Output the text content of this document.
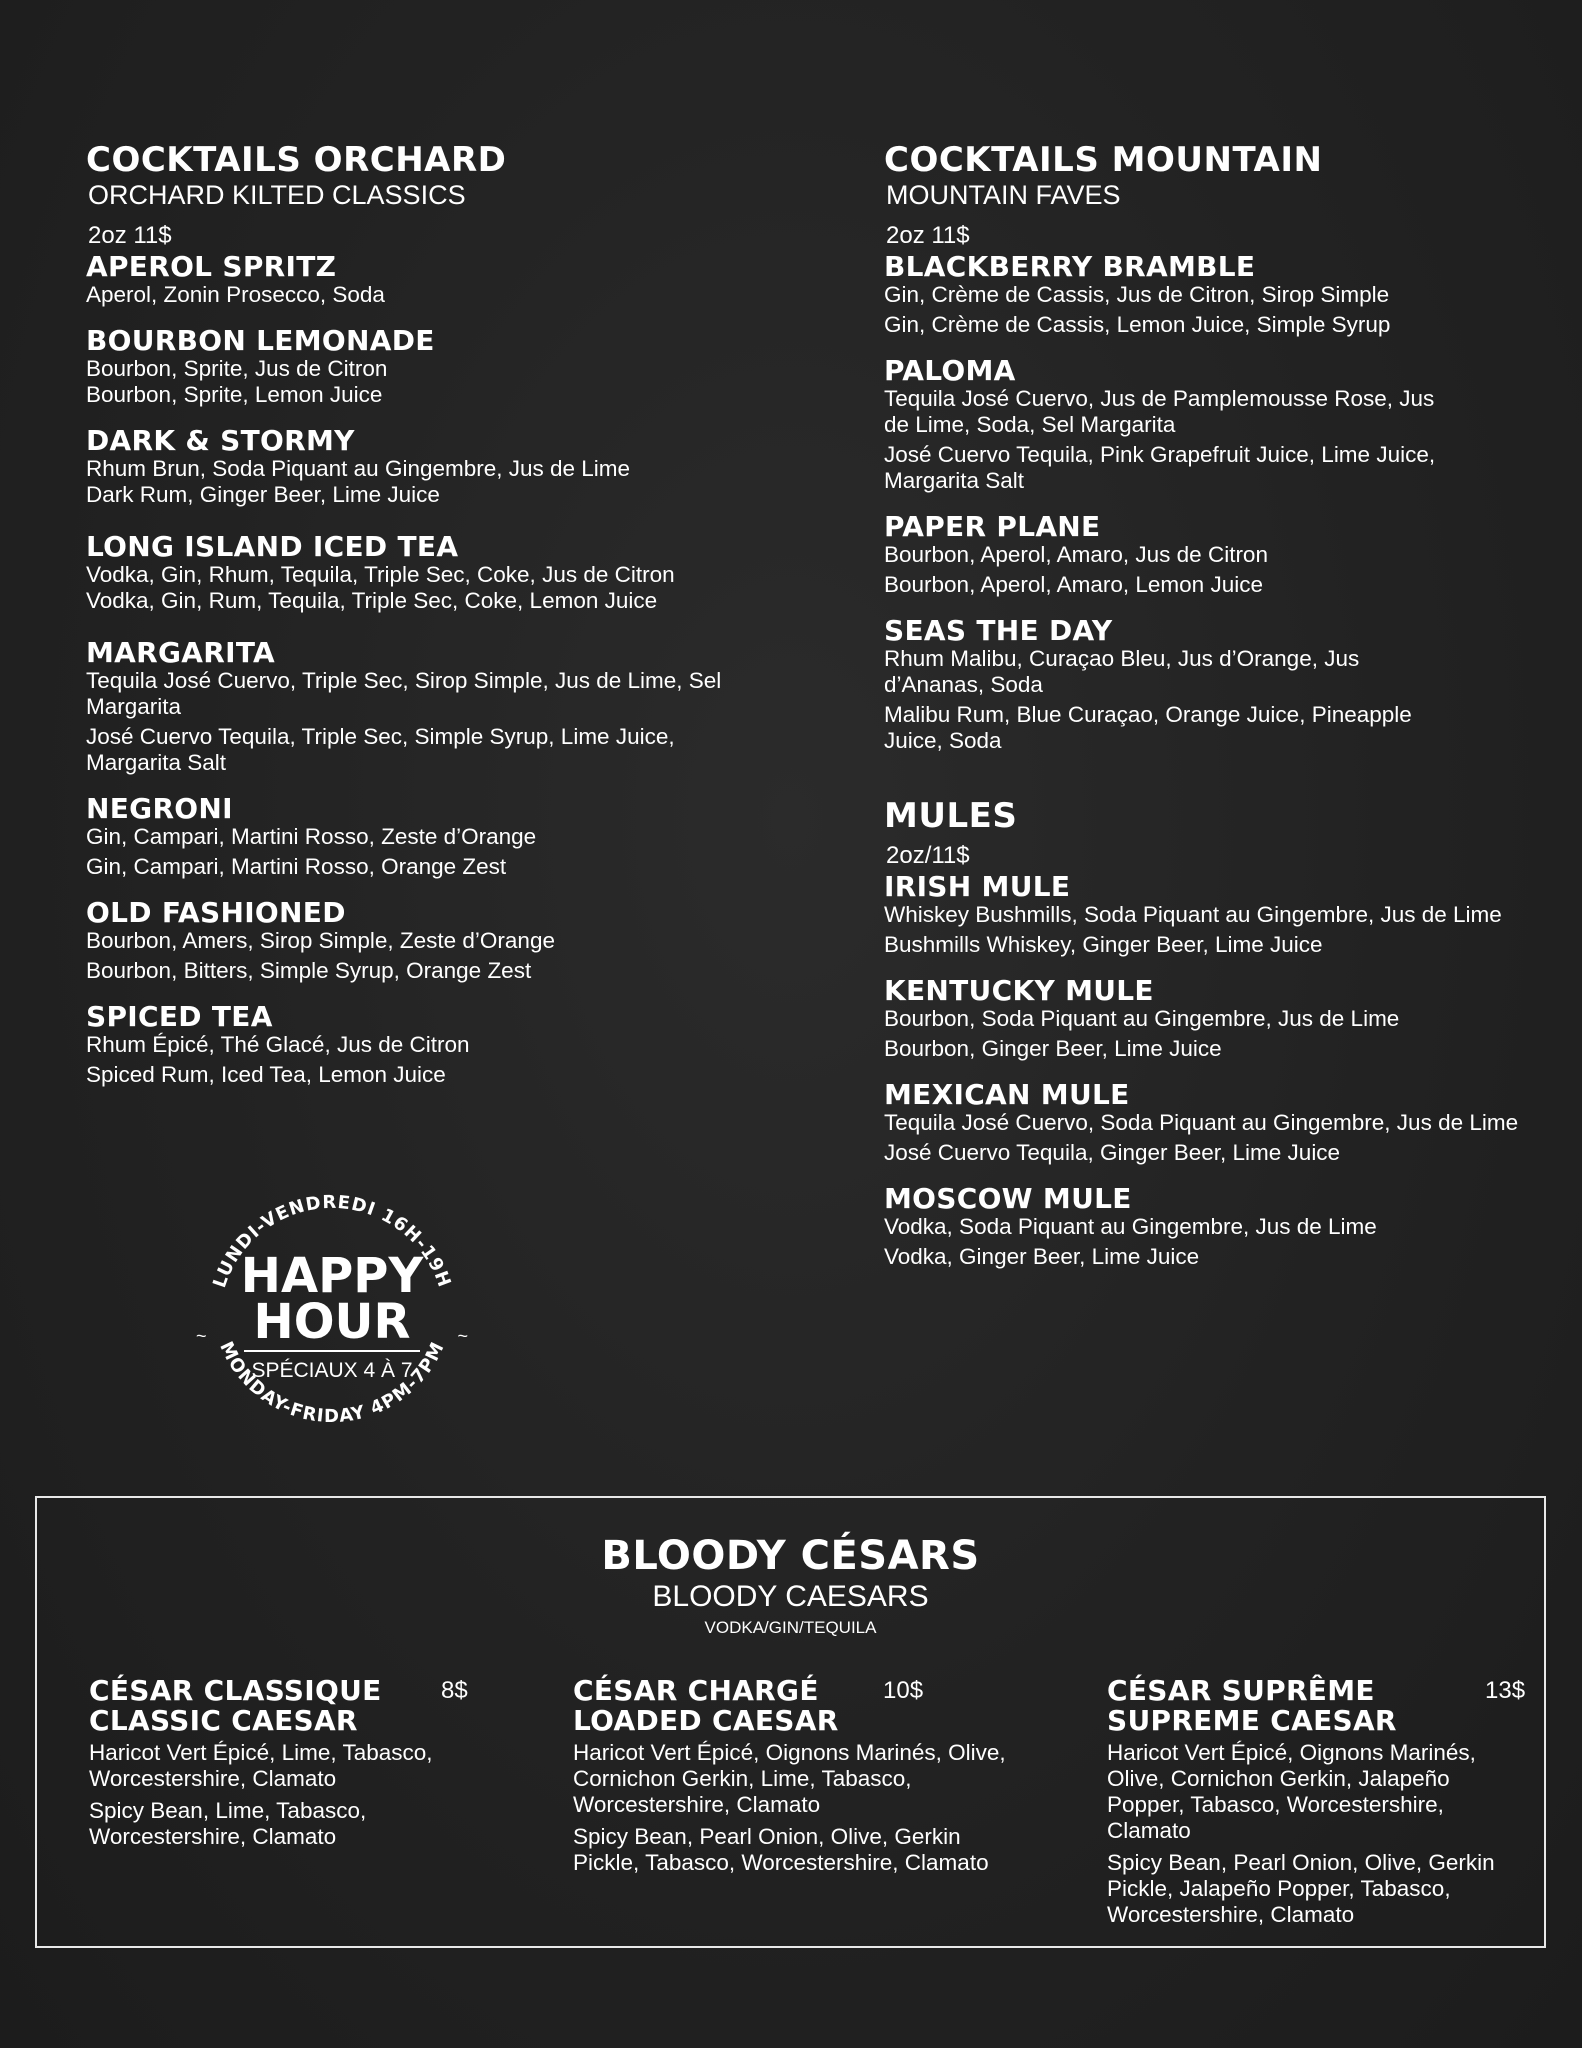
COCKTAILS ORCHARD
ORCHARD KILTED CLASSICS
2oz 11$
APEROL SPRITZ
Aperol, Zonin Prosecco, Soda
BOURBON LEMONADE
Bourbon, Sprite, Jus de Citron
Bourbon, Sprite, Lemon Juice
DARK & STORMY
Rhum Brun, Soda Piquant au Gingembre, Jus de Lime
Dark Rum, Ginger Beer, Lime Juice
LONG ISLAND ICED TEA
Vodka, Gin, Rhum, Tequila, Triple Sec, Coke, Jus de Citron
Vodka, Gin, Rum, Tequila, Triple Sec, Coke, Lemon Juice
MARGARITA
Tequila José Cuervo, Triple Sec, Sirop Simple, Jus de Lime, Sel Margarita
José Cuervo Tequila, Triple Sec, Simple Syrup, Lime Juice, Margarita Salt
NEGRONI
Gin, Campari, Martini Rosso, Zeste d’Orange
Gin, Campari, Martini Rosso, Orange Zest
OLD FASHIONED
Bourbon, Amers, Sirop Simple, Zeste d’Orange
Bourbon, Bitters, Simple Syrup, Orange Zest
SPICED TEA
Rhum Épicé, Thé Glacé, Jus de Citron
Spiced Rum, Iced Tea, Lemon Juice
COCKTAILS MOUNTAIN
MOUNTAIN FAVES
2oz 11$
BLACKBERRY BRAMBLE
Gin, Crème de Cassis, Jus de Citron, Sirop Simple
Gin, Crème de Cassis, Lemon Juice, Simple Syrup
PALOMA
Tequila José Cuervo, Jus de Pamplemousse Rose, Jus de Lime, Soda, Sel Margarita
José Cuervo Tequila, Pink Grapefruit Juice, Lime Juice, Margarita Salt
PAPER PLANE
Bourbon, Aperol, Amaro, Jus de Citron
Bourbon, Aperol, Amaro, Lemon Juice
SEAS THE DAY
Rhum Malibu, Curaçao Bleu, Jus d’Orange, Jus d’Ananas, Soda
Malibu Rum, Blue Curaçao, Orange Juice, Pineapple Juice, Soda
MULES
2oz/11$
IRISH MULE
Whiskey Bushmills, Soda Piquant au Gingembre, Jus de Lime
Bushmills Whiskey, Ginger Beer, Lime Juice
KENTUCKY MULE
Bourbon, Soda Piquant au Gingembre, Jus de Lime
Bourbon, Ginger Beer, Lime Juice
MEXICAN MULE
Tequila José Cuervo, Soda Piquant au Gingembre, Jus de Lime
José Cuervo Tequila, Ginger Beer, Lime Juice
MOSCOW MULE
Vodka, Soda Piquant au Gingembre, Jus de Lime
Vodka, Ginger Beer, Lime Juice
LUNDI-VENDREDI 16H-19H
MONDAY-FRIDAY 4PM-7PM
HAPPY
HOUR
~	~
SPÉCIAUX 4 À 7
BLOODY CÉSARS
BLOODY CAESARS
VODKA/GIN/TEQUILA
CÉSAR CLASSIQUE	8$
CLASSIC CAESAR
Haricot Vert Épicé, Lime, Tabasco, Worcestershire, Clamato
Spicy Bean, Lime, Tabasco, Worcestershire, Clamato
CÉSAR CHARGÉ	10$
LOADED CAESAR
Haricot Vert Épicé, Oignons Marinés, Olive, Cornichon Gerkin, Lime, Tabasco, Worcestershire, Clamato
Spicy Bean, Pearl Onion, Olive, Gerkin Pickle, Tabasco, Worcestershire, Clamato
CÉSAR SUPRÊME	13$
SUPREME CAESAR
Haricot Vert Épicé, Oignons Marinés, Olive, Cornichon Gerkin, Jalapeño Popper, Tabasco, Worcestershire, Clamato
Spicy Bean, Pearl Onion, Olive, Gerkin Pickle, Jalapeño Popper, Tabasco, Worcestershire, Clamato
